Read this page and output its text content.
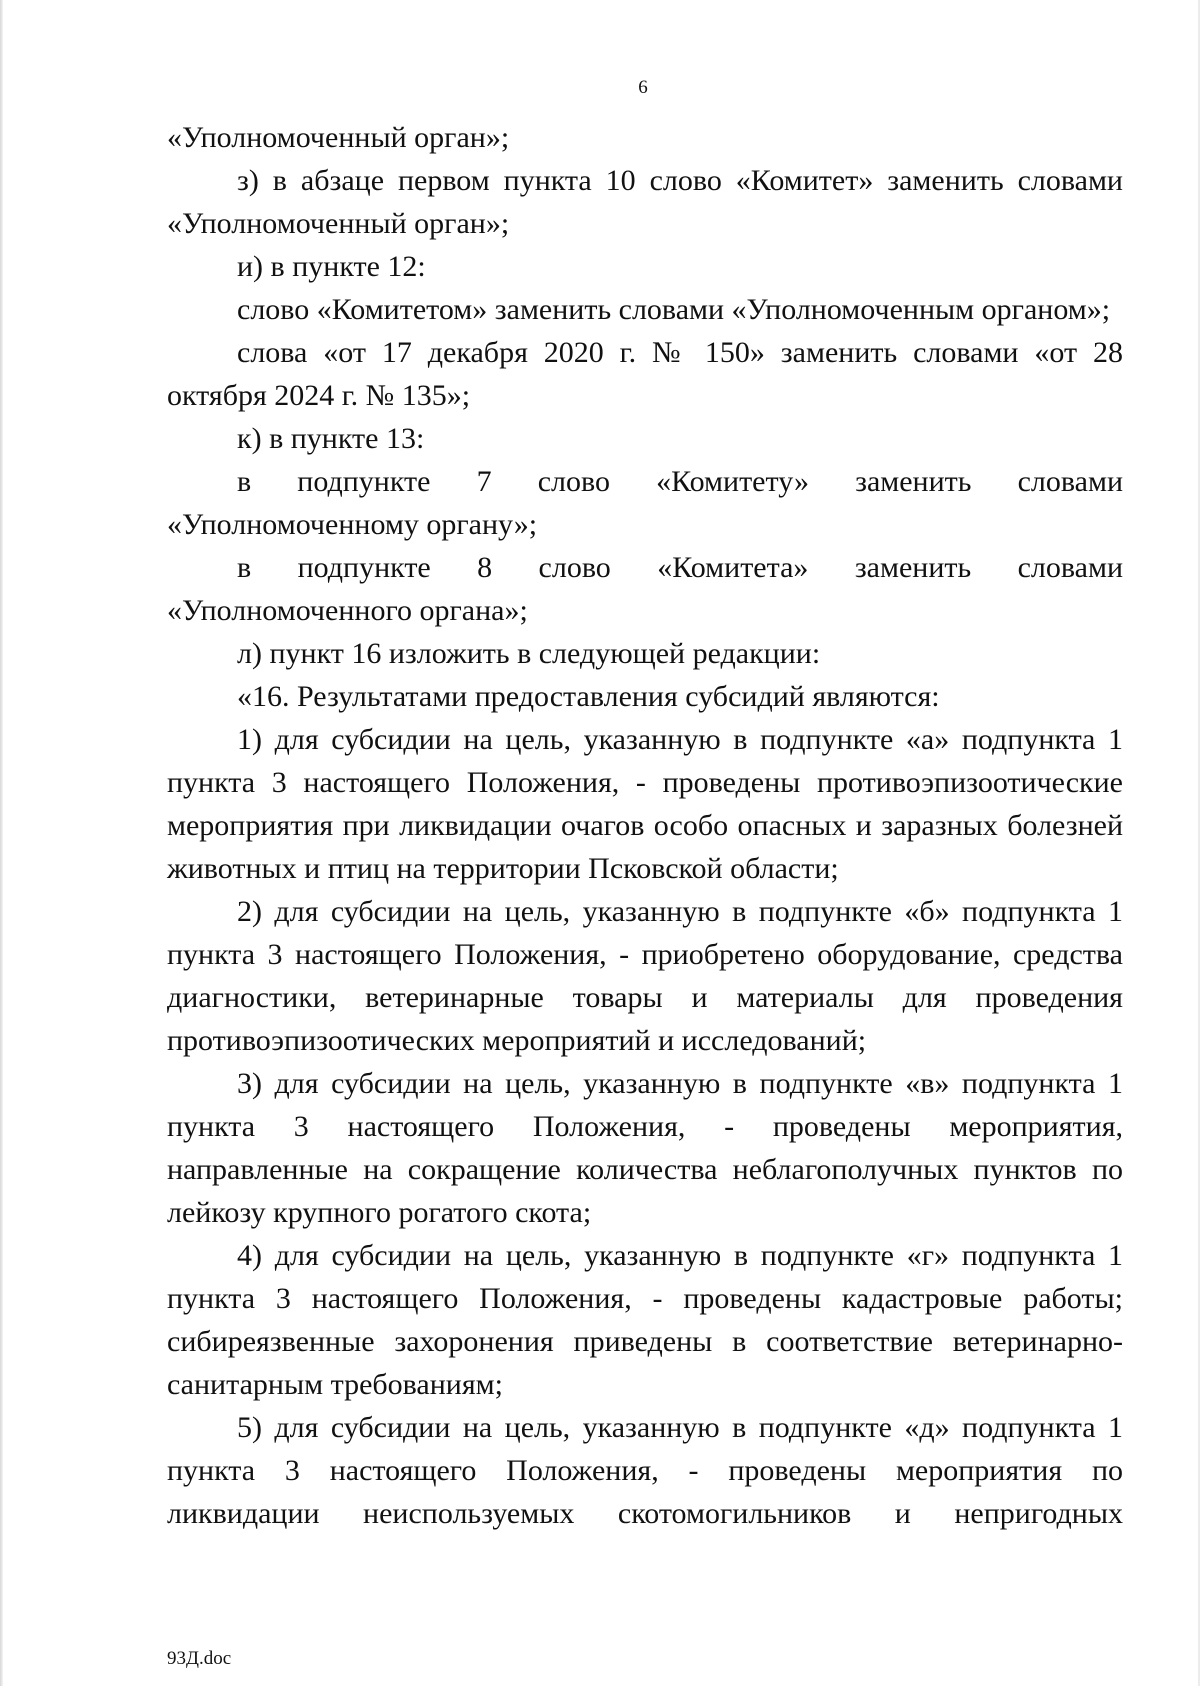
6

«Уполномоченный орган»;

з) в абзаце первом пункта 10 слово «Комитет» заменить словами «Уполномоченный орган»;

и) в пункте 12:

слово «Комитетом» заменить словами «Уполномоченным органом»;

слова «от 17 декабря 2020 г. № 150» заменить словами «от 28 октября 2024 г. № 135»;

к) в пункте 13:

в подпункте 7 слово «Комитету» заменить словами «Уполномоченному органу»;

в подпункте 8 слово «Комитета» заменить словами «Уполномоченного органа»;

л) пункт 16 изложить в следующей редакции:

«16. Результатами предоставления субсидий являются:

1) для субсидии на цель, указанную в подпункте «а» подпункта 1 пункта 3 настоящего Положения, - проведены противоэпизоотические мероприятия при ликвидации очагов особо опасных и заразных болезней животных и птиц на территории Псковской области;

2) для субсидии на цель, указанную в подпункте «б» подпункта 1 пункта 3 настоящего Положения, - приобретено оборудование, средства диагностики, ветеринарные товары и материалы для проведения противоэпизоотических мероприятий и исследований;

3) для субсидии на цель, указанную в подпункте «в» подпункта 1 пункта 3 настоящего Положения, - проведены мероприятия, направленные на сокращение количества неблагополучных пунктов по лейкозу крупного рогатого скота;

4) для субсидии на цель, указанную в подпункте «г» подпункта 1 пункта 3 настоящего Положения, - проведены кадастровые работы; сибиреязвенные захоронения приведены в соответствие ветеринарно-санитарным требованиям;

5) для субсидии на цель, указанную в подпункте «д» подпункта 1 пункта 3 настоящего Положения, - проведены мероприятия по ликвидации неиспользуемых скотомогильников и непригодных

93Д.doc
